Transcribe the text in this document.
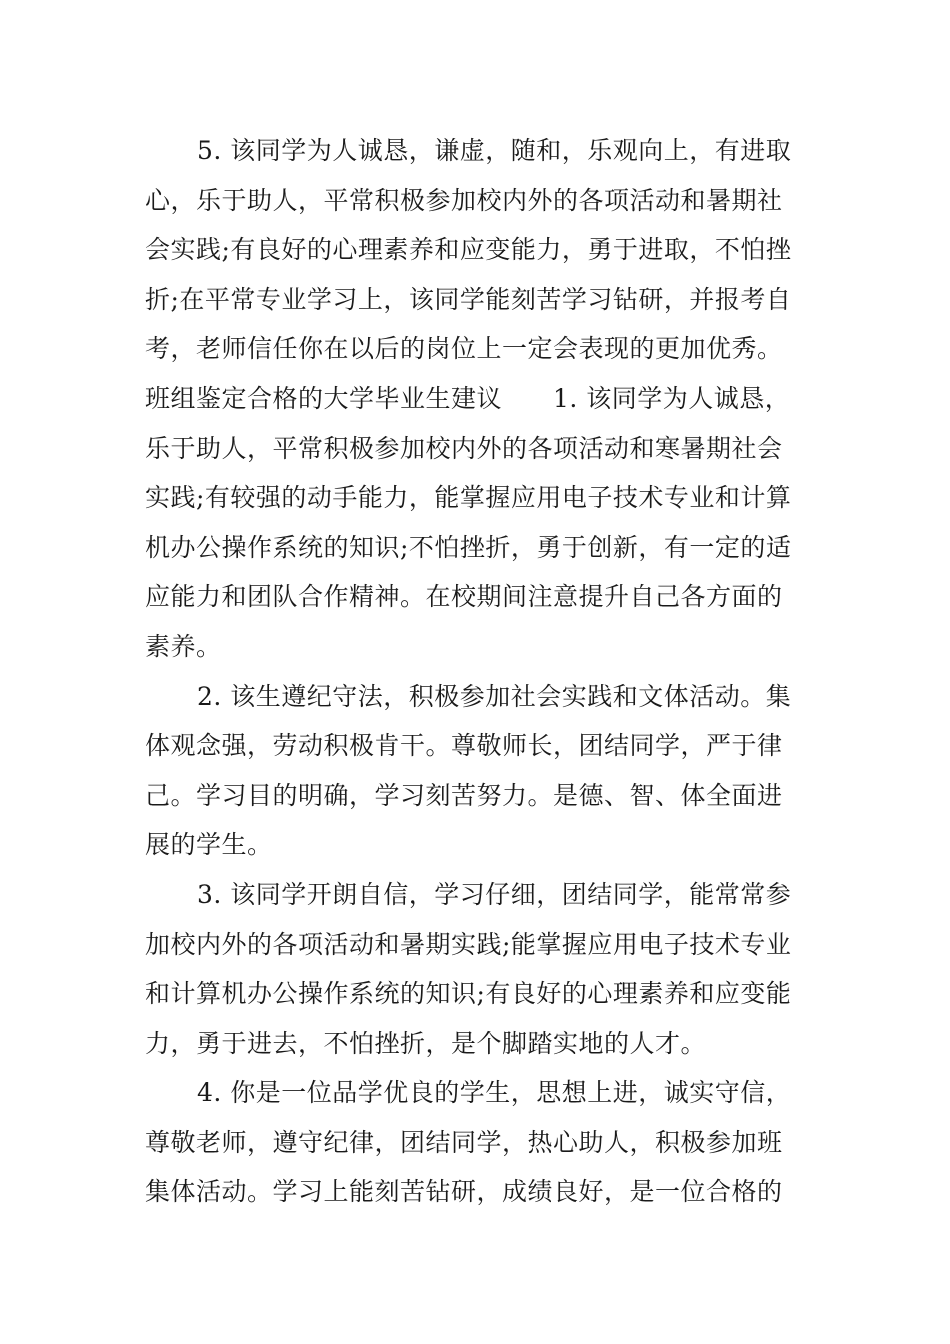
5. 该同学为人诚恳，谦虚，随和，乐观向上，有进取
心，乐于助人，平常积极参加校内外的各项活动和暑期社
会实践;有良好的心理素养和应变能力，勇于进取，不怕挫
折;在平常专业学习上，该同学能刻苦学习钻研，并报考自
考，老师信任你在以后的岗位上一定会表现的更加优秀。
班组鉴定合格的大学毕业生建议　　1. 该同学为人诚恳，
乐于助人，平常积极参加校内外的各项活动和寒暑期社会
实践;有较强的动手能力，能掌握应用电子技术专业和计算
机办公操作系统的知识;不怕挫折，勇于创新，有一定的适
应能力和团队合作精神。在校期间注意提升自己各方面的
素养。
2. 该生遵纪守法，积极参加社会实践和文体活动。集
体观念强，劳动积极肯干。尊敬师长，团结同学，严于律
己。学习目的明确，学习刻苦努力。是德、智、体全面进
展的学生。
3. 该同学开朗自信，学习仔细，团结同学，能常常参
加校内外的各项活动和暑期实践;能掌握应用电子技术专业
和计算机办公操作系统的知识;有良好的心理素养和应变能
力，勇于进去，不怕挫折，是个脚踏实地的人才。
4. 你是一位品学优良的学生，思想上进，诚实守信，
尊敬老师，遵守纪律，团结同学，热心助人，积极参加班
集体活动。学习上能刻苦钻研，成绩良好，是一位合格的
